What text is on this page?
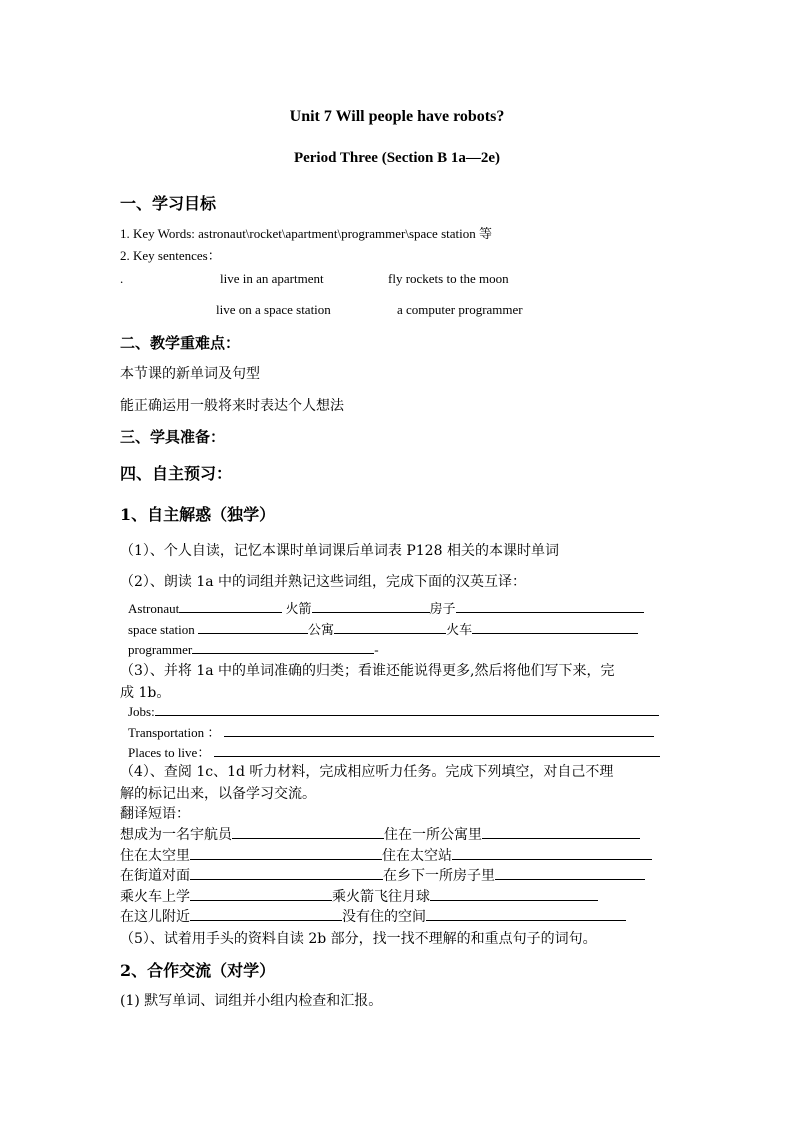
Unit 7 Will people have robots?
Period Three (Section B 1a—2e)
一、学习目标
1. Key Words: astronaut\rocket\apartment\programmer\space station 等
2. Key sentences：
.	live in an apartment	fly rockets to the moon
live on a space station	a computer programmer
二、教学重难点：
本节课的新单词及句型
能正确运用一般将来时表达个人想法
三、学具准备：
四、自主预习：
1、自主解惑（独学）
（1）、个人自读，记忆本课时单词课后单词表 P128 相关的本课时单词
（2）、朗读 1a 中的词组并熟记这些词组，完成下面的汉英互译：
Astronaut	火箭	房子
space station	公寓	火车
programmer	-
（3）、并将 1a 中的单词准确的归类；看谁还能说得更多,然后将他们写下来，完
成 1b。
Jobs:
Transportation ：
Places to live：
（4）、查阅 1c、1d 听力材料，完成相应听力任务。完成下列填空，对自己不理
解的标记出来，以备学习交流。
翻译短语：
想成为一名宇航员	住在一所公寓里
住在太空里	住在太空站
在街道对面	在乡下一所房子里
乘火车上学	乘火箭飞往月球
在这儿附近	没有住的空间
（5）、试着用手头的资料自读 2b 部分，找一找不理解的和重点句子的词句。
2、合作交流（对学）
(1) 默写单词、词组并小组内检查和汇报。
